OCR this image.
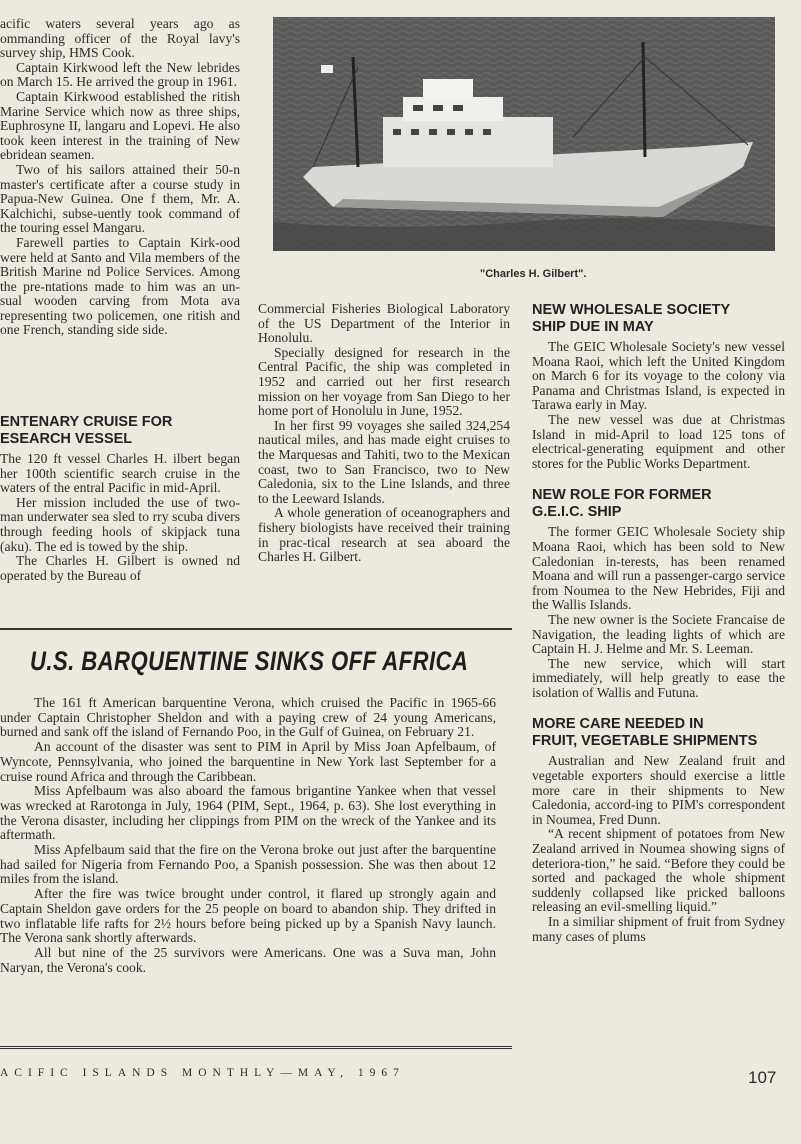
acific waters several years ago as ommanding officer of the Royal lavy's survey ship, HMS Cook.

Captain Kirkwood left the New lebrides on March 15. He arrived the group in 1961.

Captain Kirkwood established the ritish Marine Service which now as three ships, Euphrosyne II, langaru and Lopevi. He also took keen interest in the training of New ebridean seamen.

Two of his sailors attained their 50-n master's certificate after a course study in Papua-New Guinea. One f them, Mr. A. Kalchichi, subse-uently took command of the touring essel Mangaru.

Farewell parties to Captain Kirk-ood were held at Santo and Vila members of the British Marine nd Police Services. Among the pre-ntations made to him was an un-sual wooden carving from Mota ava representing two policemen, one ritish and one French, standing side side.

ENTENARY CRUISE FOR
ESEARCH VESSEL

The 120 ft vessel Charles H. ilbert began her 100th scientific search cruise in the waters of the entral Pacific in mid-April.

Her mission included the use of two-man underwater sea sled to rry scuba divers through feeding hools of skipjack tuna (aku). The ed is towed by the ship.

The Charles H. Gilbert is owned nd operated by the Bureau of

"Charles H. Gilbert".

Commercial Fisheries Biological Laboratory of the US Department of the Interior in Honolulu.

Specially designed for research in the Central Pacific, the ship was completed in 1952 and carried out her first research mission on her voyage from San Diego to her home port of Honolulu in June, 1952.

In her first 99 voyages she sailed 324,254 nautical miles, and has made eight cruises to the Marquesas and Tahiti, two to the Mexican coast, two to San Francisco, two to New Caledonia, six to the Line Islands, and three to the Leeward Islands.

A whole generation of oceanographers and fishery biologists have received their training in prac-tical research at sea aboard the Charles H. Gilbert.

NEW WHOLESALE SOCIETY
SHIP DUE IN MAY

The GEIC Wholesale Society's new vessel Moana Raoi, which left the United Kingdom on March 6 for its voyage to the colony via Panama and Christmas Island, is expected in Tarawa early in May.

The new vessel was due at Christmas Island in mid-April to load 125 tons of electrical-generating equipment and other stores for the Public Works Department.

NEW ROLE FOR FORMER
G.E.I.C. SHIP

The former GEIC Wholesale Society ship Moana Raoi, which has been sold to New Caledonian in-terests, has been renamed Moana and will run a passenger-cargo service from Noumea to the New Hebrides, Fiji and the Wallis Islands.

The new owner is the Societe Francaise de Navigation, the leading lights of which are Captain H. J. Helme and Mr. S. Leeman.

The new service, which will start immediately, will help greatly to ease the isolation of Wallis and Futuna.

MORE CARE NEEDED IN
FRUIT, VEGETABLE SHIPMENTS

Australian and New Zealand fruit and vegetable exporters should exercise a little more care in their shipments to New Caledonia, accord-ing to PIM's correspondent in Noumea, Fred Dunn.

“A recent shipment of potatoes from New Zealand arrived in Noumea showing signs of deteriora-tion,” he said. “Before they could be sorted and packaged the whole shipment suddenly collapsed like pricked balloons releasing an evil-smelling liquid.”

In a similiar shipment of fruit from Sydney many cases of plums

U.S. BARQUENTINE SINKS OFF AFRICA

The 161 ft American barquentine Verona, which cruised the Pacific in 1965-66 under Captain Christopher Sheldon and with a paying crew of 24 young Americans, burned and sank off the island of Fernando Poo, in the Gulf of Guinea, on February 21.

An account of the disaster was sent to PIM in April by Miss Joan Apfelbaum, of Wyncote, Pennsylvania, who joined the barquentine in New York last September for a cruise round Africa and through the Caribbean.

Miss Apfelbaum was also aboard the famous brigantine Yankee when that vessel was wrecked at Rarotonga in July, 1964 (PIM, Sept., 1964, p. 63). She lost everything in the Verona disaster, including her clippings from PIM on the wreck of the Yankee and its aftermath.

Miss Apfelbaum said that the fire on the Verona broke out just after the barquentine had sailed for Nigeria from Fernando Poo, a Spanish possession. She was then about 12 miles from the island.

After the fire was twice brought under control, it flared up strongly again and Captain Sheldon gave orders for the 25 people on board to abandon ship. They drifted in two inflatable life rafts for 2½ hours before being picked up by a Spanish Navy launch. The Verona sank shortly afterwards.

All but nine of the 25 survivors were Americans. One was a Suva man, John Naryan, the Verona's cook.

ACIFIC ISLANDS MONTHLY—MAY, 1967	107
